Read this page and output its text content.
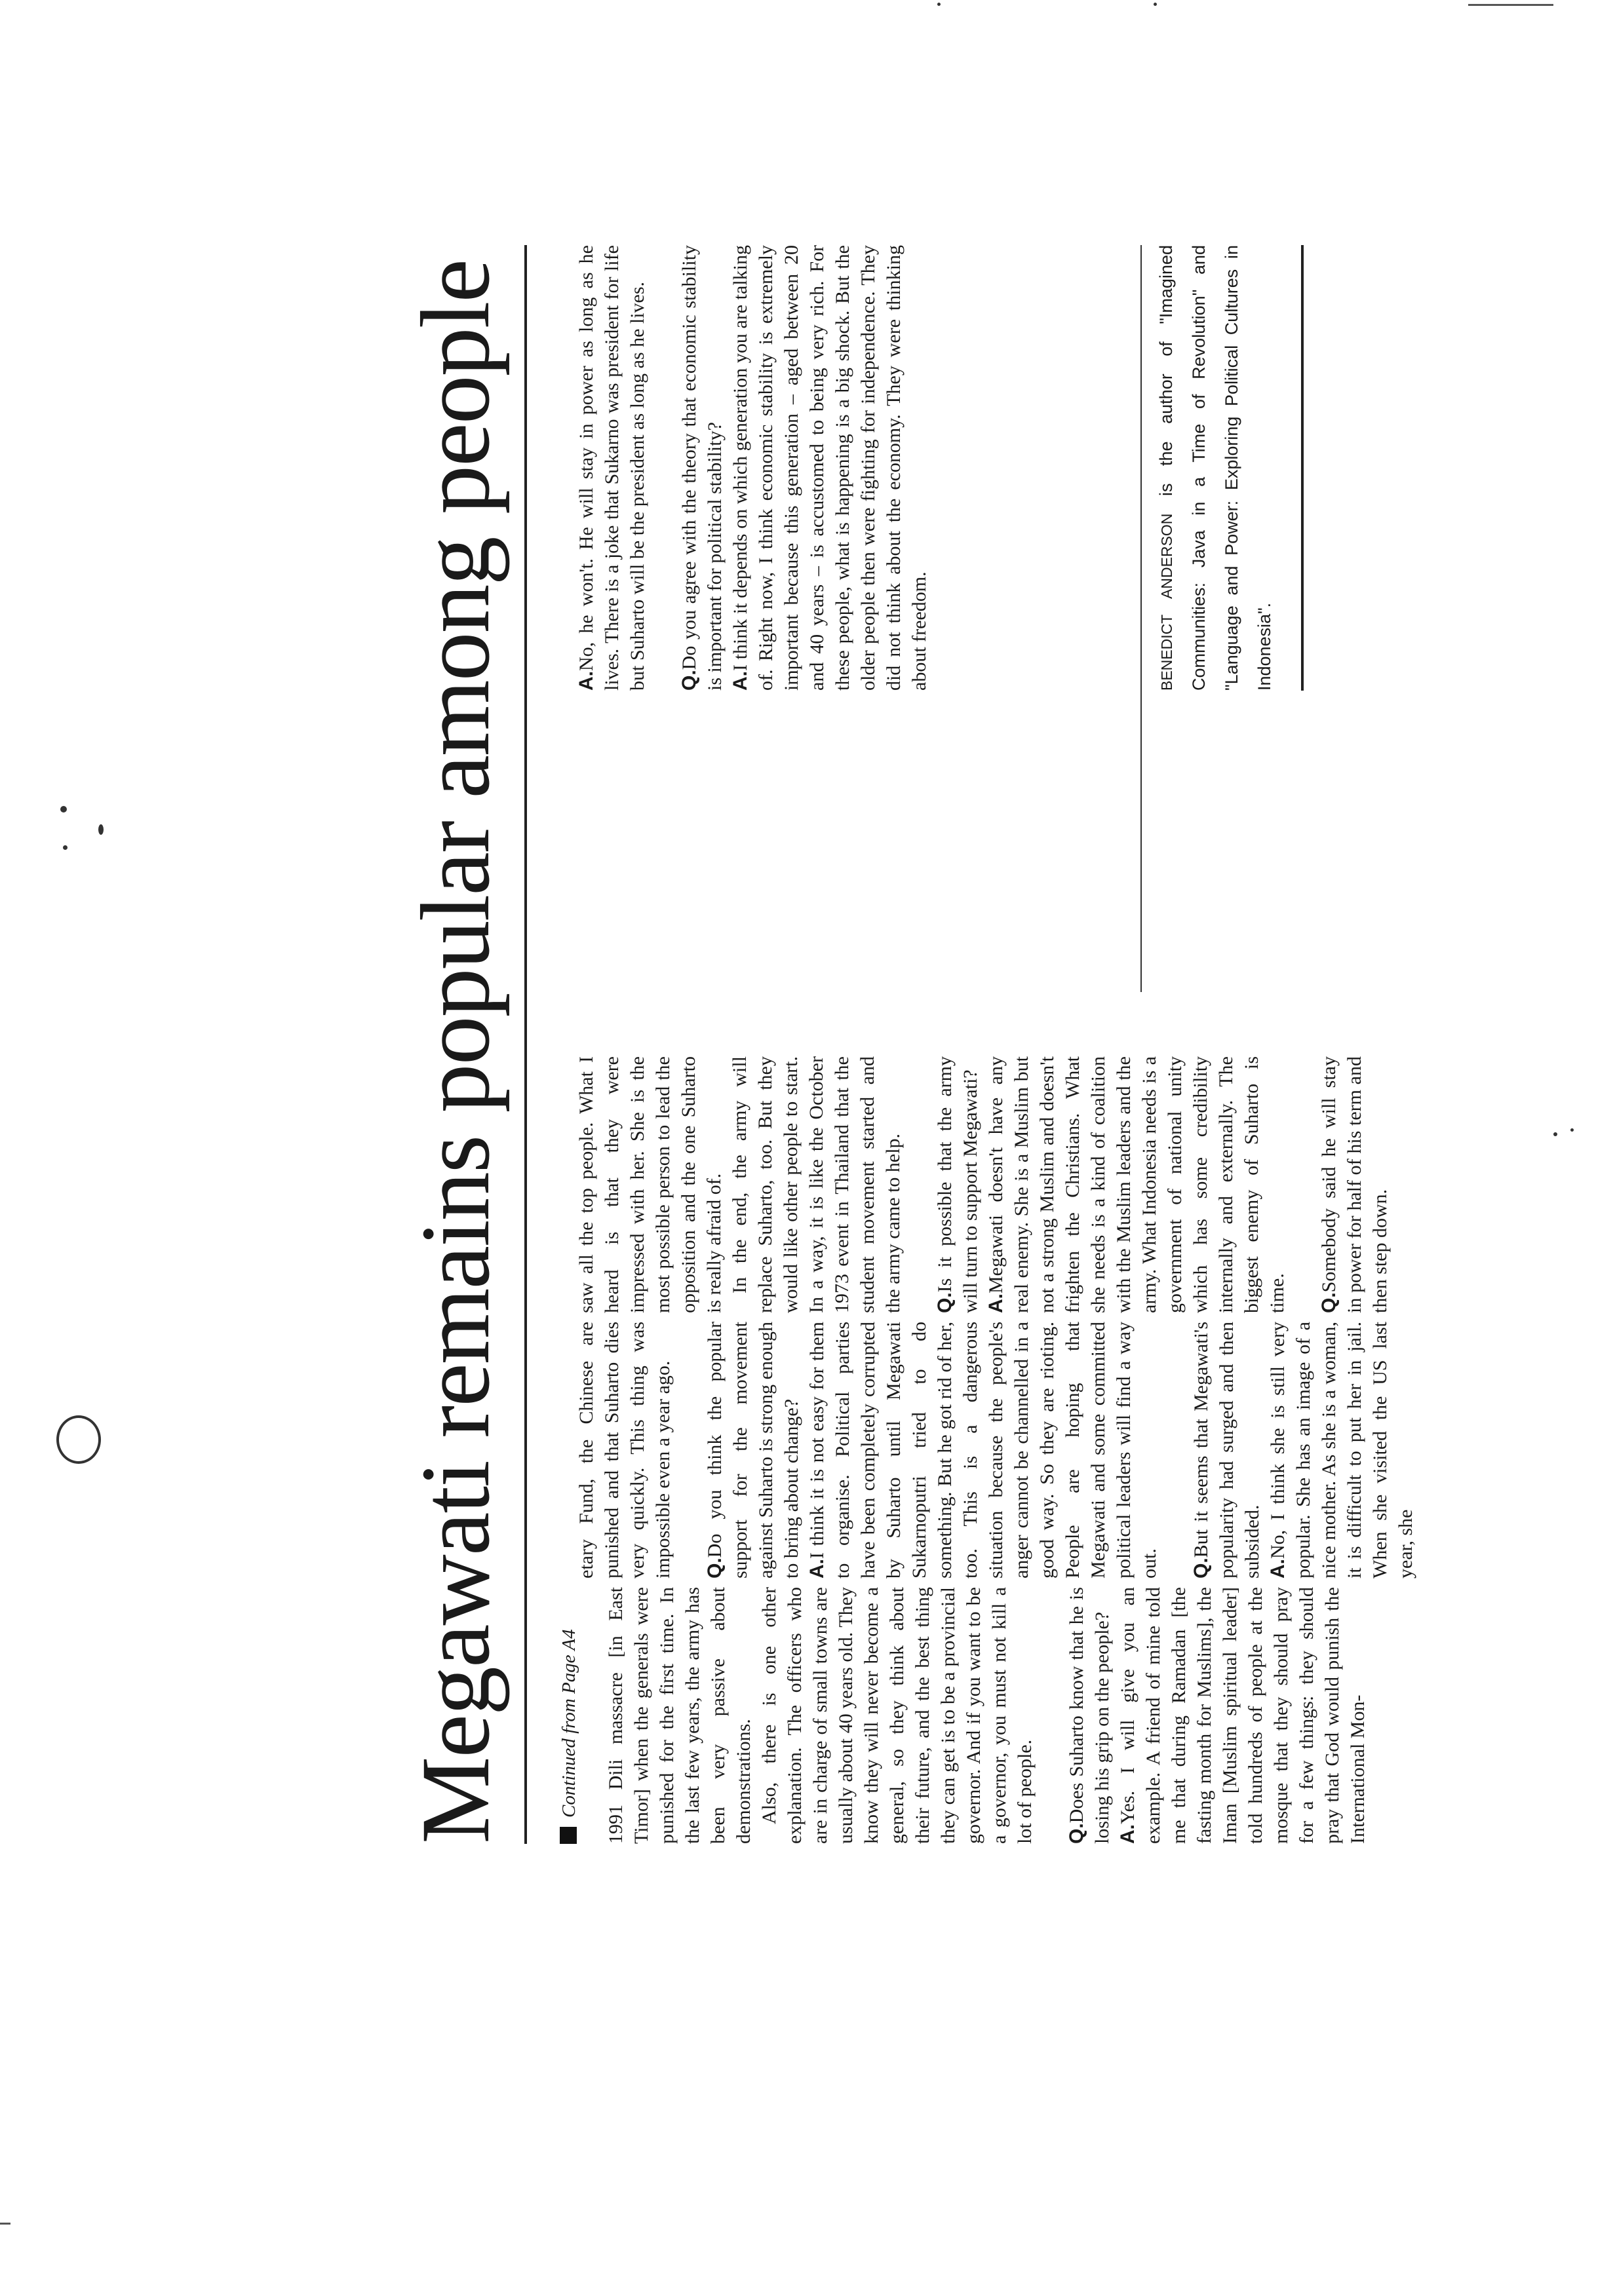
Megawati remains popular among people	Continued from Page A4 1991 Dili massacre [in East Timor] when the generals were punished for the first time. In the last few years, the army has been very passive about demonstrations. Also, there is one other explanation. The officers who are in charge of small towns are usually about 40 years old. They know they will never become a general, so they think about their future, and the best thing they can get is to be a provincial governor. And if you want to be a governor, you must not kill a lot of people. Q.Does Suharto know that he is losing his grip on the people? A.Yes. I will give you an example. A friend of mine told me that during Ramadan [the fasting month for Muslims], the Iman [Muslim spiritual leader] told hundreds of people at the mosque that they should pray for a few things: they should pray that God would punish the International Mon-

etary Fund, the Chinese are punished and that Suharto dies very quickly. This thing was impossible even a year ago. Q.Do you think the popular support for the movement against Suharto is strong enough to bring about change? A.I think it is not easy for them to organise. Political parties have been completely corrupted by Suharto until Megawati Sukarnoputri tried to do something. But he got rid of her, too. This is a dangerous situation because the people's anger cannot be channelled in a good way. So they are rioting. People are hoping that Megawati and some committed political leaders will find a way out. Q.But it seems that Megawati's popularity had surged and then subsided. A.No, I think she is still very popular. She has an image of a nice mother. As she is a woman, it is difficult to put her in jail. When she visited the US last year, she

saw all the top people. What I heard is that they were impressed with her. She is the most possible person to lead the opposition and the one Suharto is really afraid of. In the end, the army will replace Suharto, too. But they would like other people to start. In a way, it is like the October 1973 event in Thailand that the student movement started and the army came to help. Q.Is it possible that the army will turn to support Megawati? A.Megawati doesn't have any real enemy. She is a Muslim but not a strong Muslim and doesn't frighten the Christians. What she needs is a kind of coalition with the Muslim leaders and the army. What Indonesia needs is a government of national unity which has some credibility internally and externally. The biggest enemy of Suharto is time. Q.Somebody said he will stay in power for half of his term and then step down.

A.No, he won't. He will stay in power as long as he lives. There is a joke that Sukarno was president for life but Suharto will be the president as long as he lives. Q.Do you agree with the theory that economic stability is important for political stability? A.I think it depends on which generation you are talking of. Right now, I think economic stability is extremely important because this generation – aged between 20 and 40 years – is accustomed to being very rich. For these people, what is happening is a big shock. But the older people then were fighting for independence. They did not think about the economy. They were thinking about freedom.	BENEDICT ANDERSON is the author of "Imagined Communities: Java in a Time of Revolution" and "Language and Power: Exploring Political Cultures in Indonesia".
